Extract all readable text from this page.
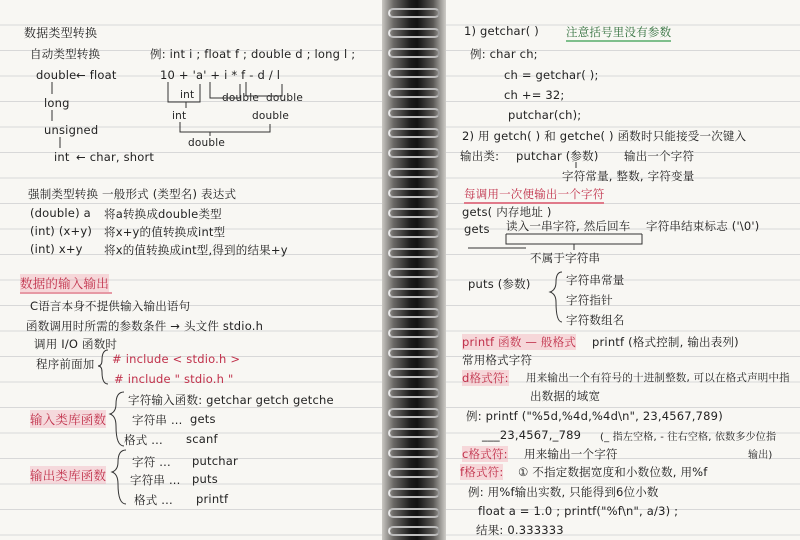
数据类型转换
自动类型转换	例: int i ; float f ; double d ; long l ;
double ← float
long
unsigned
int ← char, short
10 + 'a' + i * f - d / l
int	double double
int	double
double
强制类型转换 一般形式 (类型名) 表达式
(double) a 将a转换成double类型
(int) (x+y) 将x+y的值转换成int型
(int) x+y 将x的值转换成int型,得到的结果+y
数据的输入输出
C语言本身不提供输入输出语句
函数调用时所需的参数条件 → 头文件 stdio.h
调用 I/O 函数时
程序前面加 # include < stdio.h >
# include " stdio.h "
输入类库函数
输出类库函数
字符输入函数: getchar getch getche
字符串 ... gets
格式 ... scanf
字符 ... putchar
字符串 ... puts
格式 ... printf
1) getchar( ) 注意括号里没有参数
例: char ch;
ch = getchar( );
ch += 32;
putchar(ch);
2) 用 getch( ) 和 getche( ) 函数时只能接受一次键入
输出类: putchar (参数) 输出一个字符
字符常量, 整数, 字符变量
每调用一次便输出一个字符
gets( 内存地址 )
gets 读入一串字符 , 然后回车 字符串结束标志 ('\0')
不属于字符串
puts (参数)	字符串常量
字符指针
字符数组名
printf 函数 — 般格式 printf (格式控制, 输出表列)
常用格式字符
d格式符: 用来输出一个有符号的十进制整数, 可以在格式声明中指
出数据的域宽
例: printf ("%5d,%4d,%4d\n", 23,4567,789)
___23,4567,_789 (_ 指左空格, - 往右空格, 依数多少位指
输出)
c格式符: 用来输出一个字符
f格式符: ① 不指定数据宽度和小数位数, 用%f
例: 用%f输出实数, 只能得到6位小数
float a = 1.0 ; printf("%f\n", a/3) ;
结果: 0.333333
